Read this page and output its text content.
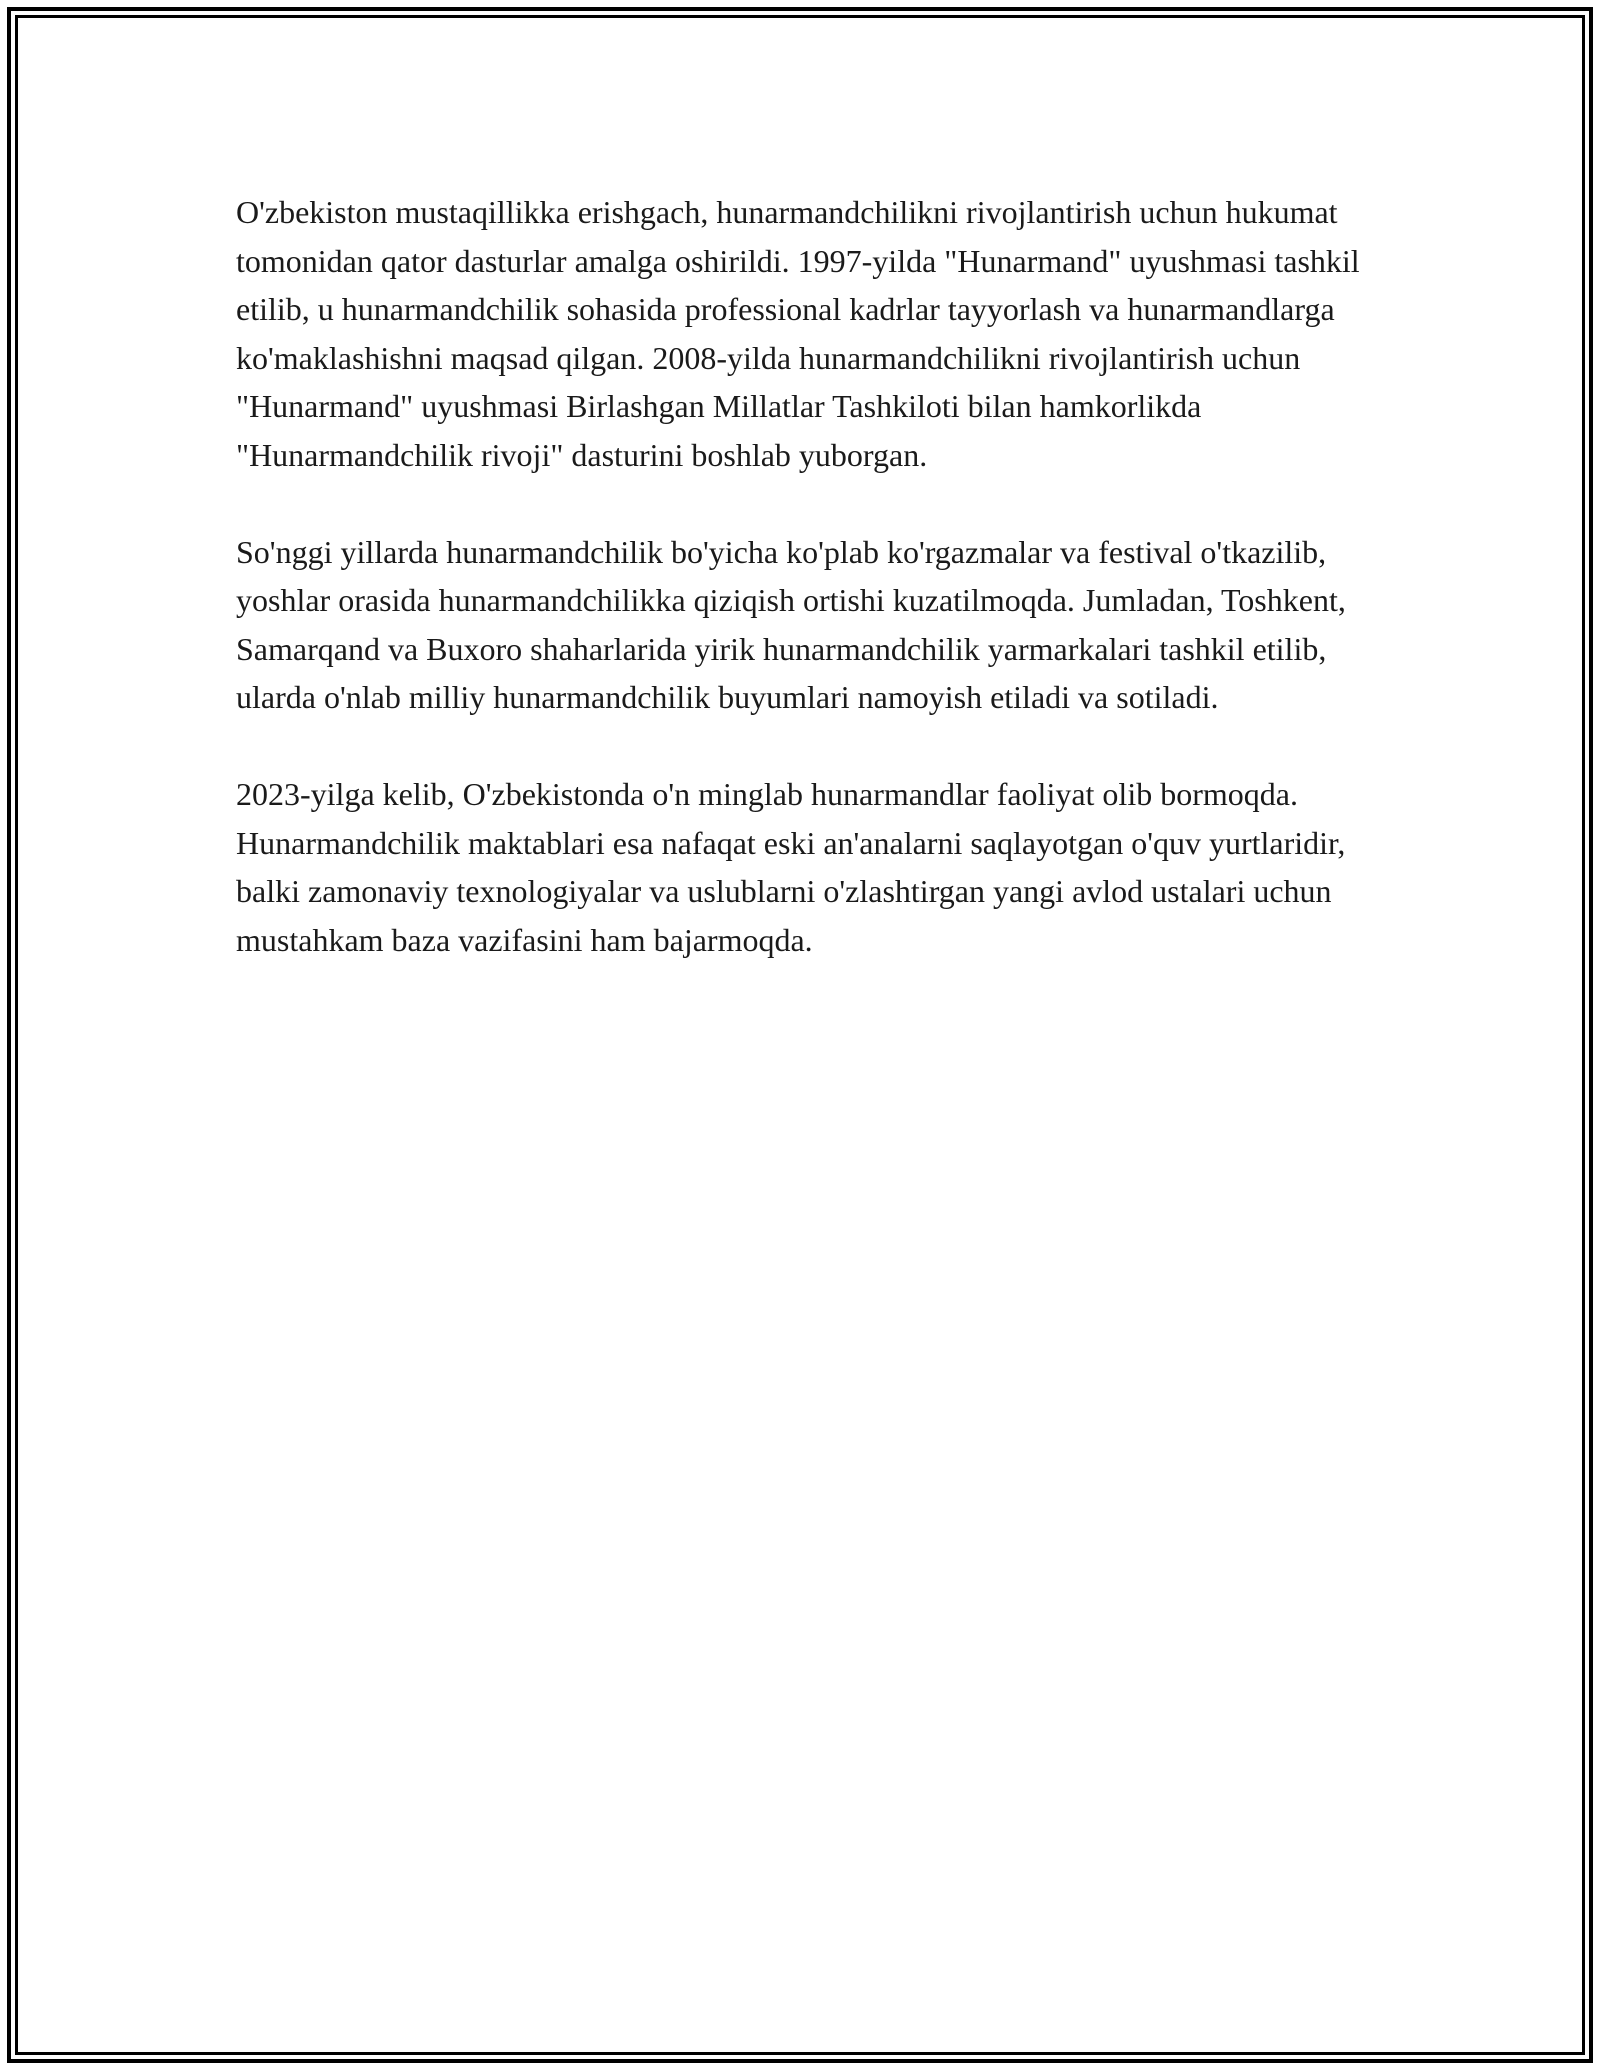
O'zbekiston mustaqillikka erishgach, hunarmandchilikni rivojlantirish uchun hukumat tomonidan qator dasturlar amalga oshirildi. 1997-yilda "Hunarmand" uyushmasi tashkil etilib, u hunarmandchilik sohasida professional kadrlar tayyorlash va hunarmandlarga ko'maklashishni maqsad qilgan. 2008-yilda hunarmandchilikni rivojlantirish uchun "Hunarmand" uyushmasi Birlashgan Millatlar Tashkiloti bilan hamkorlikda "Hunarmandchilik rivoji" dasturini boshlab yuborgan.

So'nggi yillarda hunarmandchilik bo'yicha ko'plab ko'rgazmalar va festival o'tkazilib, yoshlar orasida hunarmandchilikka qiziqish ortishi kuzatilmoqda. Jumladan, Toshkent, Samarqand va Buxoro shaharlarida yirik hunarmandchilik yarmarkalari tashkil etilib, ularda o'nlab milliy hunarmandchilik buyumlari namoyish etiladi va sotiladi.

2023-yilga kelib, O'zbekistonda o'n minglab hunarmandlar faoliyat olib bormoqda. Hunarmandchilik maktablari esa nafaqat eski an'analarni saqlayotgan o'quv yurtlaridir, balki zamonaviy texnologiyalar va uslublarni o'zlashtirgan yangi avlod ustalari uchun mustahkam baza vazifasini ham bajarmoqda.
